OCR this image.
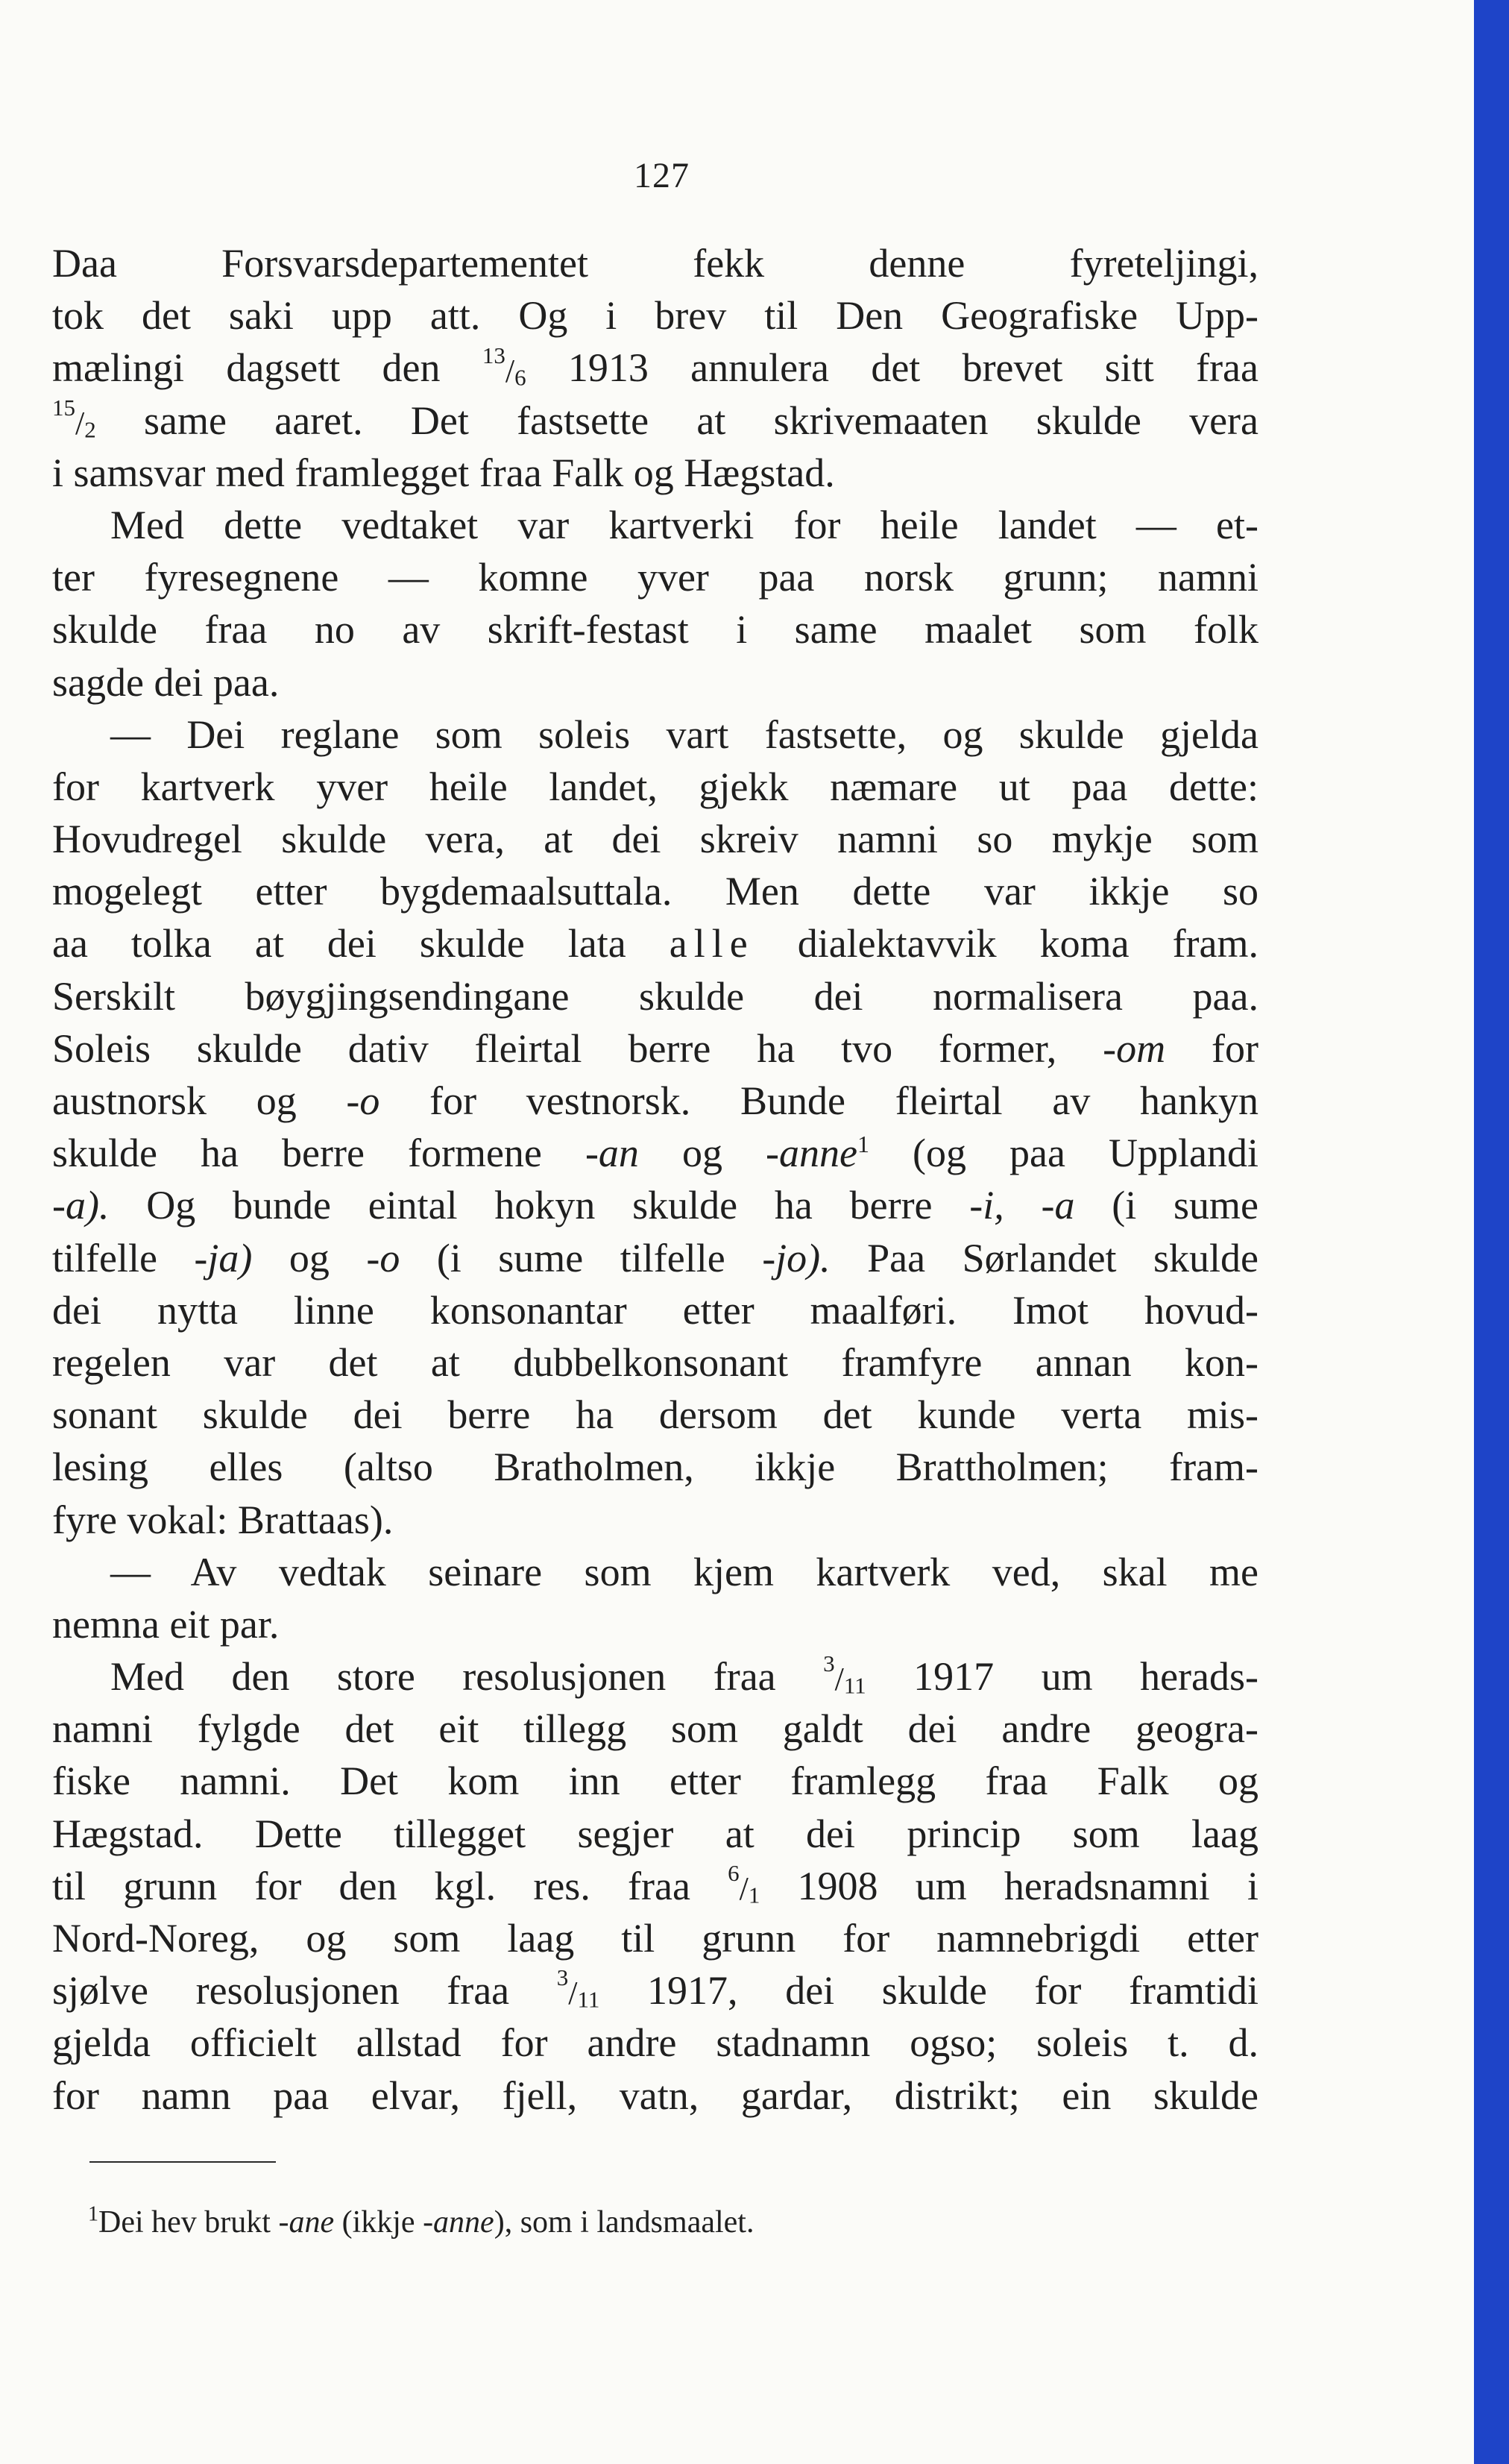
127
Daa Forsvarsdepartementet fekk denne fyreteljingi,
tok det saki upp att. Og i brev til Den Geografiske Upp-
mælingi dagsett den 13/6 1913 annulera det brevet sitt fraa
15/2 same aaret. Det fastsette at skrivemaaten skulde vera
i samsvar med framlegget fraa Falk og Hægstad.
Med dette vedtaket var kartverki for heile landet — et-
ter fyresegnene — komne yver paa norsk grunn; namni
skulde fraa no av skrift-festast i same maalet som folk
sagde dei paa.
— Dei reglane som soleis vart fastsette, og skulde gjelda
for kartverk yver heile landet, gjekk næmare ut paa dette:
Hovudregel skulde vera, at dei skreiv namni so mykje som
mogelegt etter bygdemaalsuttala. Men dette var ikkje so
aa tolka at dei skulde lata alle dialektavvik koma fram.
Serskilt bøygjingsendingane skulde dei normalisera paa.
Soleis skulde dativ fleirtal berre ha tvo former, -om for
austnorsk og -o for vestnorsk. Bunde fleirtal av hankyn
skulde ha berre formene -an og -anne$^1$ (og paa Upplandi
-a). Og bunde eintal hokyn skulde ha berre -i, -a (i sume
tilfelle -ja) og -o (i sume tilfelle -jo). Paa Sørlandet skulde
dei nytta linne konsonantar etter maalføri. Imot hovud-
regelen var det at dubbelkonsonant framfyre annan kon-
sonant skulde dei berre ha dersom det kunde verta mis-
lesing elles (altso Bratholmen, ikkje Brattholmen; fram-
fyre vokal: Brattaas).
— Av vedtak seinare som kjem kartverk ved, skal me
nemna eit par.
Med den store resolusjonen fraa 3/11 1917 um herads-
namni fylgde det eit tillegg som galdt dei andre geogra-
fiske namni. Det kom inn etter framlegg fraa Falk og
Hægstad. Dette tillegget segjer at dei princip som laag
til grunn for den kgl. res. fraa 6/1 1908 um heradsnamni i
Nord-Noreg, og som laag til grunn for namnebrigdi etter
sjølve resolusjonen fraa 3/11 1917, dei skulde for framtidi
gjelda officielt allstad for andre stadnamn ogso; soleis t. d.
for namn paa elvar, fjell, vatn, gardar, distrikt; ein skulde
$^1$Dei hev brukt -ane (ikkje -anne), som i landsmaalet.
